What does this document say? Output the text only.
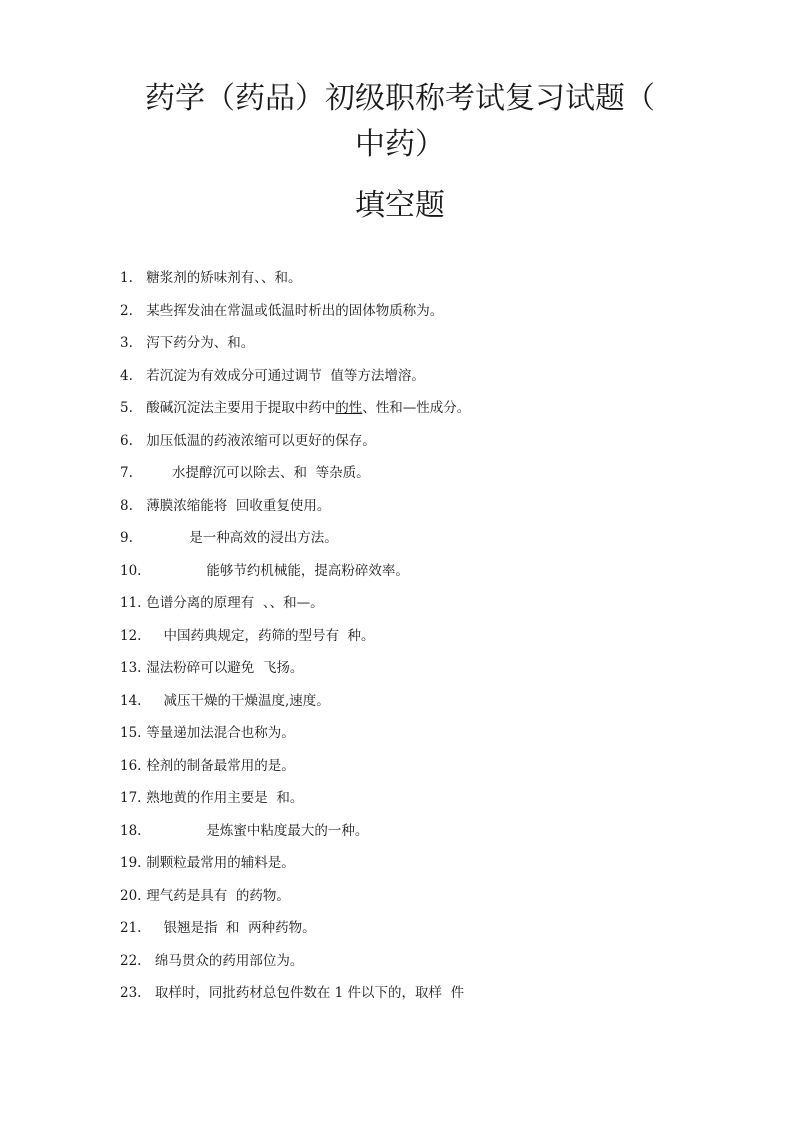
药学（药品）初级职称考试复习试题（
中药）
填空题
1. 糖浆剂的矫味剂有、、和。
2. 某些挥发油在常温或低温时析出的固体物质称为。
3. 泻下药分为、和。
4. 若沉淀为有效成分可通过调节  值等方法增溶。
5. 酸碱沉淀法主要用于提取中药中的性、性和—性成分。
6. 加压低温的药液浓缩可以更好的保存。
7.       水提醇沉可以除去、和  等杂质。
8. 薄膜浓缩能将  回收重复使用。
9.           是一种高效的浸出方法。
10.               能够节约机械能，提高粉碎效率。
11. 色谱分离的原理有  、、和—。
12.     中国药典规定，药筛的型号有  种。
13. 湿法粉碎可以避免  飞扬。
14.     减压干燥的干燥温度,速度。
15. 等量递加法混合也称为。
16. 栓剂的制备最常用的是。
17. 熟地黄的作用主要是  和。
18.               是炼蜜中粘度最大的一种。
19. 制颗粒最常用的辅料是。
20. 理气药是具有  的药物。
21.     银翘是指  和  两种药物。
22.   绵马贯众的药用部位为。
23.   取样时，同批药材总包件数在 1 件以下的，取样  件
